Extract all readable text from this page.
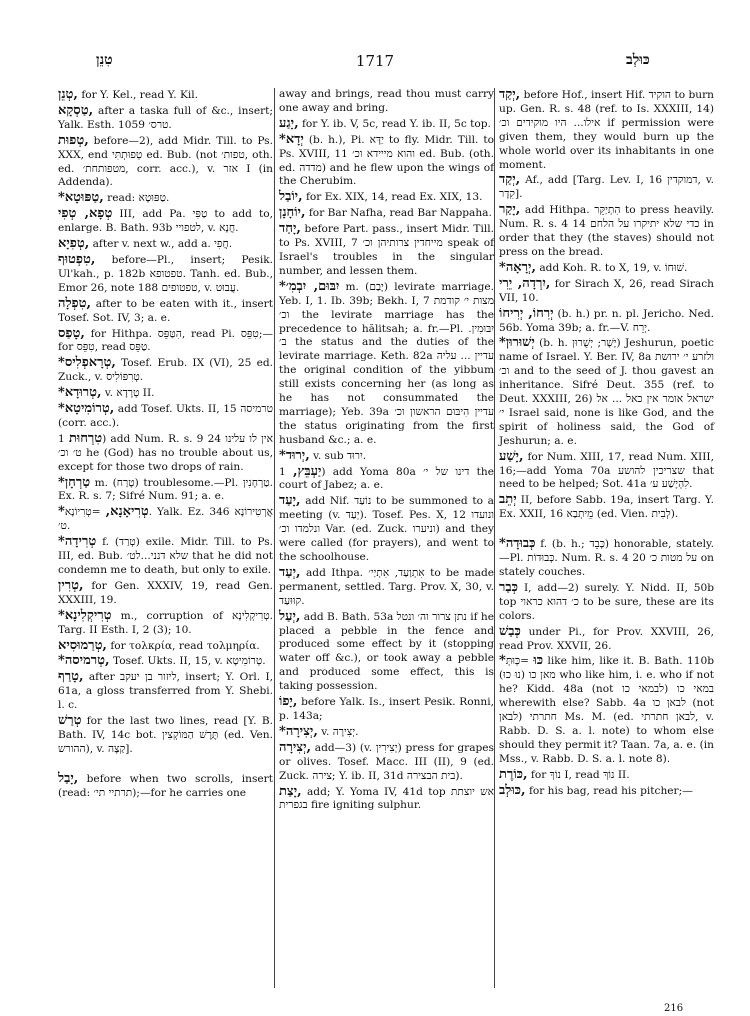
טִנֵן	1717	כּוּלְב
טְנֵן, for Y. Kel., read Y. Kil.
טַסְקָא, after a taska full of &c., insert; Yalk. Esth. 1059 טרס׳.
טְפוּת, before—2), add Midr. Till. to Ps. XXX, end טְפוּתְתִּי ed. Bub. (not טפות׳, oth. ed. מטפותחת׳, corr. acc.), v. אזר I (in Addenda).
*טַפּוּטָא, read: טַפּוּטָא.
טְפָא, טְפִי III, add Pa. טַפִּי to add to, enlarge. B. Bath. 93b לטפויי, v. חֲנָא.
טְפִיָא, after v. next w., add a. חֲפִי.
טִפְטוּף, before—Pl., insert; Pesik. Ul'kah., p. 182b טפטופא. Tanh. ed. Bub., Emor 26, note 188 טפטופים, v. עֲבוּט.
טִפְלָה, after to be eaten with it., insert Tosef. Sot. IV, 3; a. e.
טָפַס, for Hithpa. הִטַּפֵּס, read Pi. טִפֵּס;—for טִפֵּס, read טַפֵּס.
*טְרָאפְלִיס, Tosef. Erub. IX (VI), 25 ed. Zuck., v. טְרִפּוֹלִיס.
*טְרוּדָא, v. טְרָדָא II.
*טְרוֹמִיטָא, add Tosef. Ukts. II, 15 טרמיסה (corr. acc.).
טִרְחוּת 1) add Num. R. s. 9 24 אין לו עלינו ט׳ וכ׳ he (God) has no trouble about us, except for those two drops of rain.
*טַרְחָן m. (טָרַח) troublesome.—Pl. טַרְחָנִין. Ex. R. s. 7; Sifré Num. 91; a. e.
*טְרִיאָנָא, =טְרִיוֹנָא. Yalk. Ez. 346 אֲרְטִירוֹנָא ט׳.
*טְרִידָה f. (טְרַד) exile. Midr. Till. to Ps. III, ed. Bub. שלא דנני...לט׳ that he did not condemn me to death, but only to exile.
טְרִין, for Gen. XXXIV, 19, read Gen. XXXIII, 19.
*טְרִיקְלִינָא m., corruption of טְרִיקְלִינָא. Targ. II Esth. I, 2 (3); 10.
טְרַמוּסִיא, for τολκρία, read τολμηρία.
*טְרמיסה, Tosef. Ukts. II, 15, v. טְרוֹמִיטָא.
טָרַף, after ליזור בן יעקב, insert; Y. Orl. I, 61a, a gloss transferred from Y. Shebi. l. c.
טְרַשׁ for the last two lines, read [Y. B. Bath. IV, 14c bot. תֶּרֶשׁ הַמּוֹקְצִין (ed. Ven. ההורש), v. קַצָה].
יָבַל, before when two scrolls, insert (read: תרתיי תי׳);—for he carries one
away and brings, read thou must carry one away and bring.
יָגַע, for Y. ib. V, 5c, read Y. ib. II, 5c top.
*יְדָא (b. h.), Pi. יַדָּא to fly. Midr. Till. to Ps. XVIII, 11 והוא מייידא וכ׳ ed. Bub. (oth. ed. מדדה) and he flew upon the wings of the Cherubim.
יוֹבַל, for Ex. XIX, 14, read Ex. XIX, 13.
יוֹחָנָן, for Bar Nafha, read Bar Nappaha.
יָחַד, before Part. pass., insert Midr. Till. to Ps. XVIII, 7 מייחדין צרותיהן וכ׳ speak of Israel's troubles in the singular number, and lessen them.
*יִבּוּם, יִבְמִ׳ m. (יָבַם) levirate marriage. Yeb. I, 1. Ib. 39b; Bekh. I, 7 מצות י׳ קודמת וכ׳ the levirate marriage has the precedence to hălitsah; a. fr.—Pl. יִבּוּמִין. ב׳ the status and the duties of the levirate marriage. Keth. 82a עדיין ... עליה the original condition of the yibbum still exists concerning her (as long as he has not consummated the marriage); Yeb. 39a עדיין הִיבּוּם הראשון וכ׳ the status originating from the first husband &c.; a. e.
*יְרוּד, v. sub יִרוּד.
יַעְבֵּץ, 1) add Yoma 80a דינו של י׳ the court of Jabez; a. e.
יָעַד, add Nif. נוֹעַד to be summoned to a meeting (v. יְעַד). Tosef. Pes. X, 12 ונועדו ונלמדו וכ׳ Var. (ed. Zuck. וניערו) and they were called (for prayers), and went to the schoolhouse.
יְעַד, add Ithpa. אִתְוַעַד, אִתְיַי׳ to be made permanent, settled. Targ. Prov. X, 30, v. קוּוּעַד.
יְעַל, add B. Bath. 53a נתן צרור וה׳ ונטל if he placed a pebble in the fence and produced some effect by it (stopping water off &c.), or took away a pebble and produced some effect, this is taking possession.
יָפוֹ, before Yalk. Is., insert Pesik. Ronni, p. 143a;
*יְצִירָה, v. יְצִירָה.
יְצִירָה, add—3) (v. יְצִירִין) press for grapes or olives. Tosef. Macc. III (II), 9 (ed. Zuck. צירה; Y. ib. II, 31d בית הבצירה).
יָצַת, add; Y. Yoma IV, 41d top אש יוצתת בגפרית fire igniting sulphur.
יְקַד, before Hof., insert Hif. הוקיד to burn up. Gen. R. s. 48 (ref. to Is. XXXIII, 14) אילו... היו מוקידים וכ׳ if permission were given them, they would burn up the whole world over its inhabitants in one moment.
יְקַד, Af., add [Targ. Lev. I, 16 דמוקדין, v. קִדָר].
יָקַר, add Hithpa. הִתְיַקֵּר to press heavily. Num. R. s. 4 14 כדי שלא יתיקרו על הלחם in order that they (the staves) should not press on the bread.
*יְרָאָה, add Koh. R. to X, 19, v. שׁוּחוֹ.
יִרְדָה, יֵרִי, for Sirach X, 26, read Sirach VII, 10.
יְרִחוֹ, יְרִיחוֹ (b. h.) pr. n. pl. Jericho. Ned. 56b. Yoma 39b; a. fr.—V. יְרֵח.
*יְשׁוּרוּן (b. h. יָשָׁר; יְשֻׁרוּן) Jeshurun, poetic name of Israel. Y. Ber. IV, 8a ולזרע י׳ ירושת וכ׳ and to the seed of J. thou gavest an inheritance. Sifré Deut. 355 (ref. to Deut. XXXIII, 26) ישראל אומר אין כאל ... אל י׳ Israel said, none is like God, and the spirit of holiness said, the God of Jeshurun; a. e.
יָשַׁע, for Num. XIII, 17, read Num. XIII, 16;—add Yoma 70a שצריכין להושע that need to be helped; Sot. 41a לִהְיָשַׁע ע׳.
יְתֵב II, before Sabb. 19a, insert Targ. Y. Ex. XXII, 16 מֵיתְבַא (ed. Vien. לְבִית).
*כְּבוּדָה f. (b. h.; כָּבֵד) honorable, stately.—Pl. כְּבוּדוֹת. Num. R. s. 4 20 על מטות כ׳ on stately couches.
כְּבַר I, add—2) surely. Y. Nidd. II, 50b top כ׳ דהוא כראוי to be sure, these are its colors.
כְּבַשׁ under Pi., for Prov. XXVIII, 26, read Prov. XXVII, 26.
*כּוּ =כְּוּתְּ like him, like it. B. Bath. 110b (נוּ כוּ) מאן כו who like him, i. e. who if not he? Kidd. 48a (not לבמאי כו) במאי כו wherewith else? Sabb. 4a לבאן כו (not לבאן) חתרתי Ms. M. (ed. לבאן חתרתי, v. Rabb. D. S. a. l. note) to whom else should they permit it? Taan. 7a, a. e. (in Mss., v. Rabb. D. S. a. l. note 8).
כּוֹרֶת, for נוֹךְ I, read נוֹךְ II.
כּוּלְב, for his bag, read his pitcher;—
216
